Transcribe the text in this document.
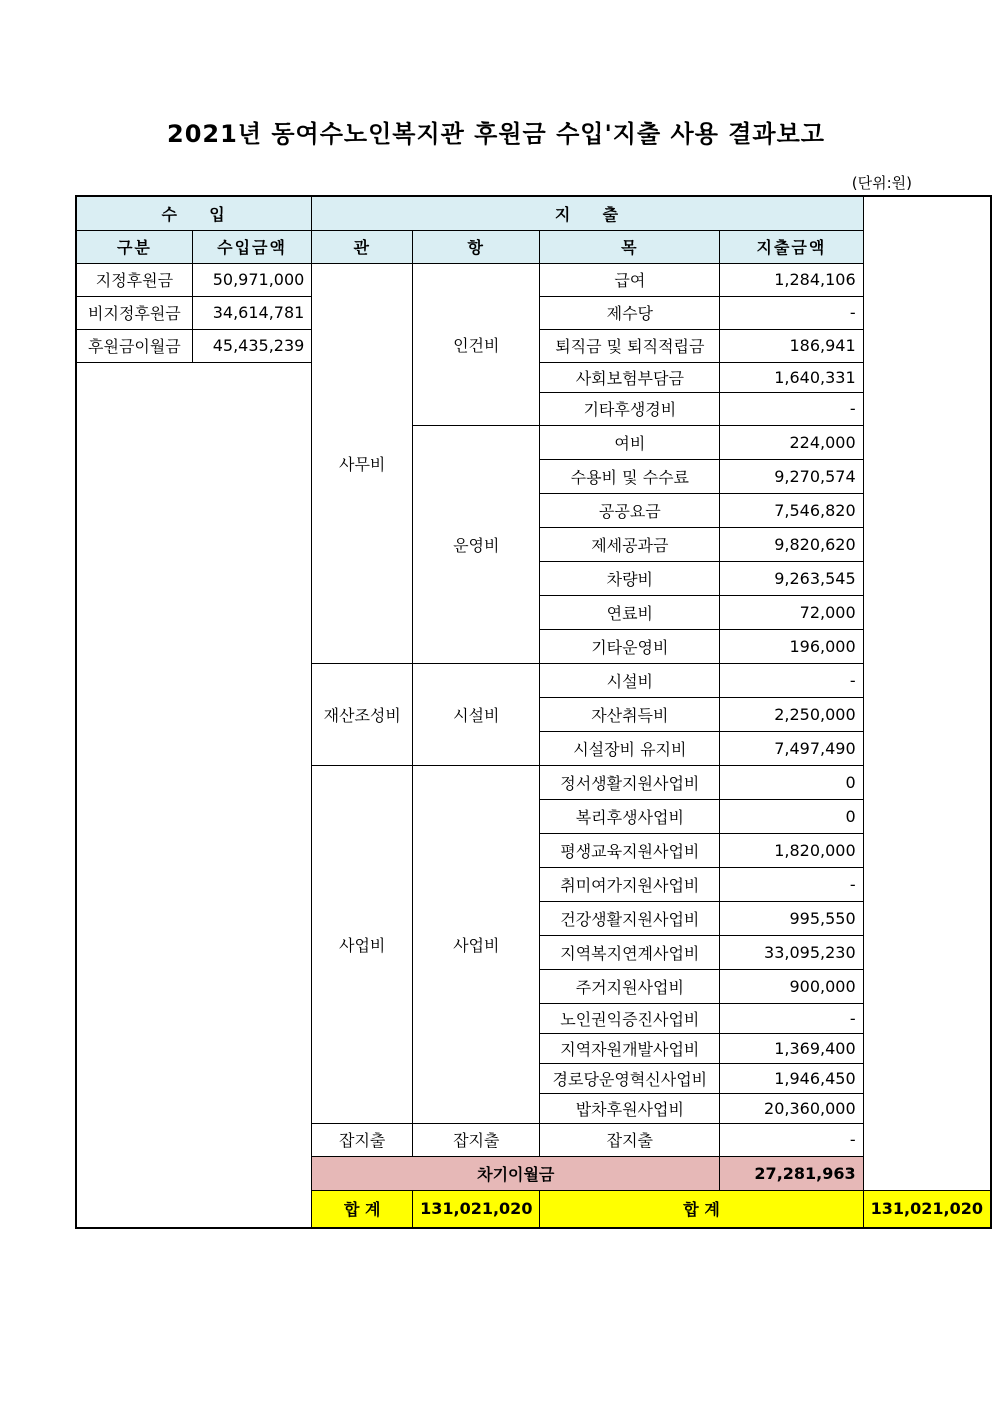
2021년 동여수노인복지관 후원금 수입'지출 사용 결과보고
(단위:원)
수    입		지    출				
구분	수입금액	관	항	목	지출금액	
지정후원금	50,971,000	사무비	인건비	급여	1,284,106	
비지정후원금	34,614,781			제수당	-	
후원금이월금	45,435,239			퇴직금 및 퇴직적립금	186,941	
				사회보험부담금	1,640,331	
				기타후생경비	-	
			운영비	여비	224,000	
				수용비 및 수수료	9,270,574	
				공공요금	7,546,820	
				제세공과금	9,820,620	
				차량비	9,263,545	
				연료비	72,000	
				기타운영비	196,000	
		재산조성비	시설비	시설비	-	
				자산취득비	2,250,000	
				시설장비 유지비	7,497,490	
		사업비	사업비	정서생활지원사업비	0	
				복리후생사업비	0	
				평생교육지원사업비	1,820,000	
				취미여가지원사업비	-	
				건강생활지원사업비	995,550	
				지역복지연계사업비	33,095,230	
				주거지원사업비	900,000	
				노인권익증진사업비	-	
				지역자원개발사업비	1,369,400	
				경로당운영혁신사업비	1,946,450	
				밥차후원사업비	20,360,000	
		잡지출	잡지출	잡지출	-	
		차기이월금			27,281,963	
		합 계	131,021,020	합 계		131,021,020
